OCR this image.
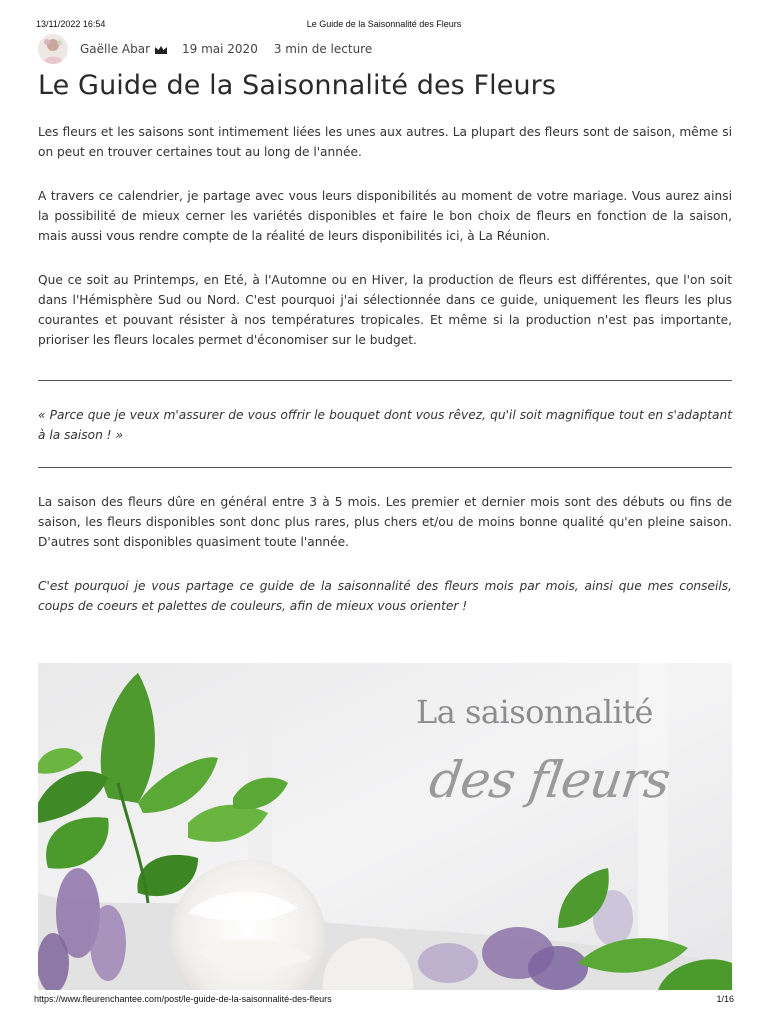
13/11/2022 16:54	Le Guide de la Saisonnalité des Fleurs
Gaëlle Abar	19 mai 2020 3 min de lecture
Le Guide de la Saisonnalité des Fleurs

Les fleurs et les saisons sont intimement liées les unes aux autres. La plupart des fleurs sont de saison, même si on peut en trouver certaines tout au long de l'année.

A travers ce calendrier, je partage avec vous leurs disponibilités au moment de votre mariage. Vous aurez ainsi la possibilité de mieux cerner les variétés disponibles et faire le bon choix de fleurs en fonction de la saison, mais aussi vous rendre compte de la réalité de leurs disponibilités ici, à La Réunion.

Que ce soit au Printemps, en Eté, à l'Automne ou en Hiver, la production de fleurs est différentes, que l'on soit dans l'Hémisphère Sud ou Nord. C'est pourquoi j'ai sélectionnée dans ce guide, uniquement les fleurs les plus courantes et pouvant résister à nos températures tropicales. Et même si la production n'est pas importante, prioriser les fleurs locales permet d'économiser sur le budget.

« Parce que je veux m'assurer de vous offrir le bouquet dont vous rêvez, qu'il soit magnifique tout en s'adaptant à la saison ! »

La saison des fleurs dûre en général entre 3 à 5 mois. Les premier et dernier mois sont des débuts ou fins de saison, les fleurs disponibles sont donc plus rares, plus chers et/ou de moins bonne qualité qu'en pleine saison. D'autres sont disponibles quasiment toute l'année.

C'est pourquoi je vous partage ce guide de la saisonnalité des fleurs mois par mois, ainsi que mes conseils, coups de coeurs et palettes de couleurs, afin de mieux vous orienter !

La saisonnalité
des fleurs
https://www.fleurenchantee.com/post/le-guide-de-la-saisonnalité-des-fleurs	1/16
